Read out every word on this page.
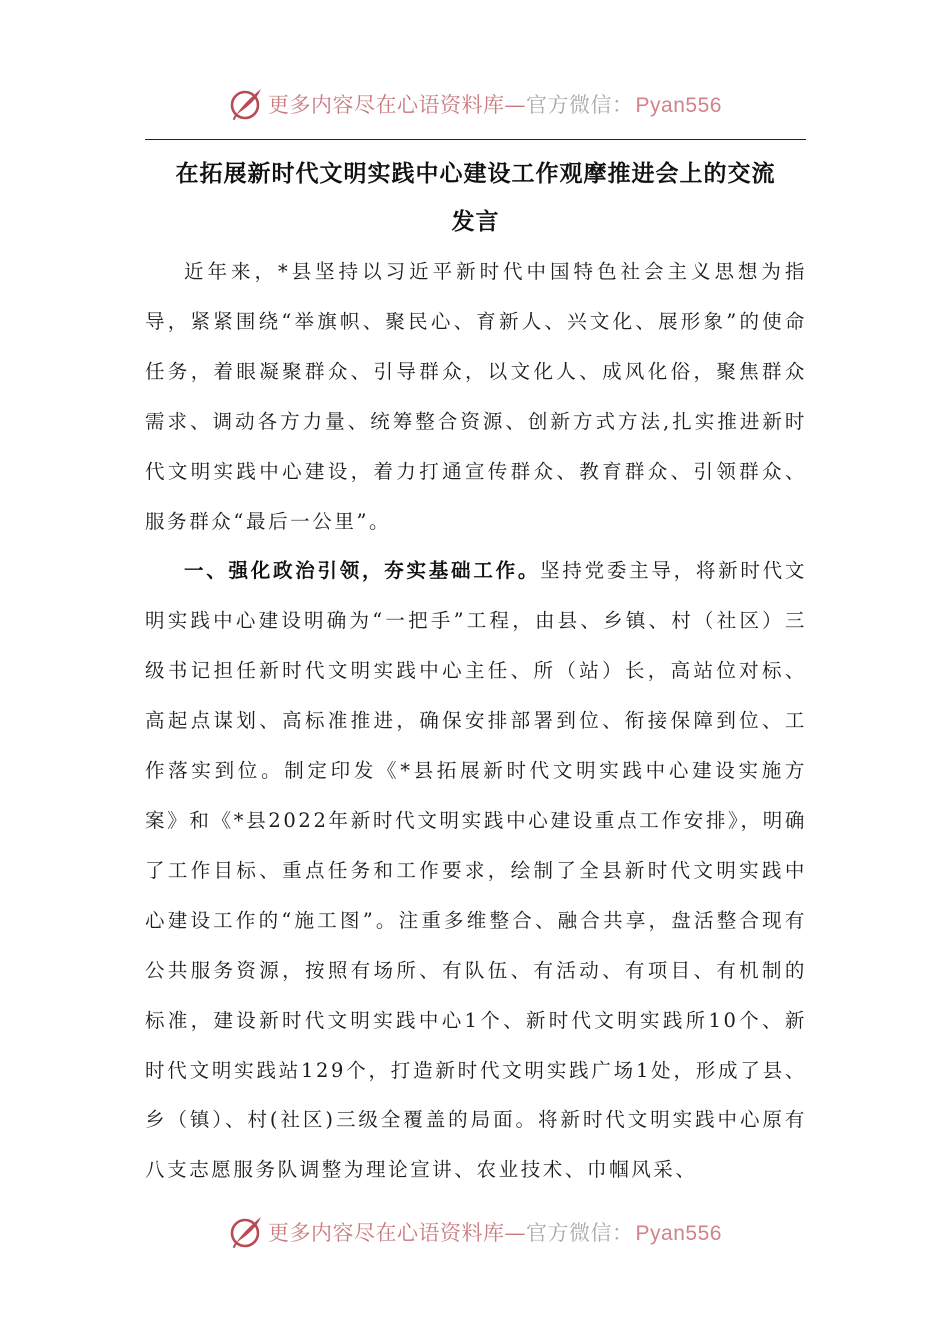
更多内容尽在心语资料库—官方微信：Pyan556
在拓展新时代文明实践中心建设工作观摩推进会上的交流
发言

近年来，*县坚持以习近平新时代中国特色社会主义思想为指导，紧紧围绕“举旗帜、聚民心、育新人、兴文化、展形象”的使命任务，着眼凝聚群众、引导群众，以文化人、成风化俗，聚焦群众需求、调动各方力量、统筹整合资源、创新方式方法,扎实推进新时代文明实践中心建设，着力打通宣传群众、教育群众、引领群众、服务群众“最后一公里”。

一、强化政治引领，夯实基础工作。坚持党委主导，将新时代文明实践中心建设明确为“一把手”工程，由县、乡镇、村（社区）三级书记担任新时代文明实践中心主任、所（站）长，高站位对标、高起点谋划、高标准推进，确保安排部署到位、衔接保障到位、工作落实到位。制定印发《*县拓展新时代文明实践中心建设实施方案》和《*县2022年新时代文明实践中心建设重点工作安排》，明确了工作目标、重点任务和工作要求，绘制了全县新时代文明实践中心建设工作的“施工图”。注重多维整合、融合共享，盘活整合现有公共服务资源，按照有场所、有队伍、有活动、有项目、有机制的标准，建设新时代文明实践中心1个、新时代文明实践所10个、新时代文明实践站129个，打造新时代文明实践广场1处，形成了县、乡（镇）、村(社区)三级全覆盖的局面。将新时代文明实践中心原有八支志愿服务队调整为理论宣讲、农业技术、巾帼风采、

更多内容尽在心语资料库—官方微信：Pyan556
